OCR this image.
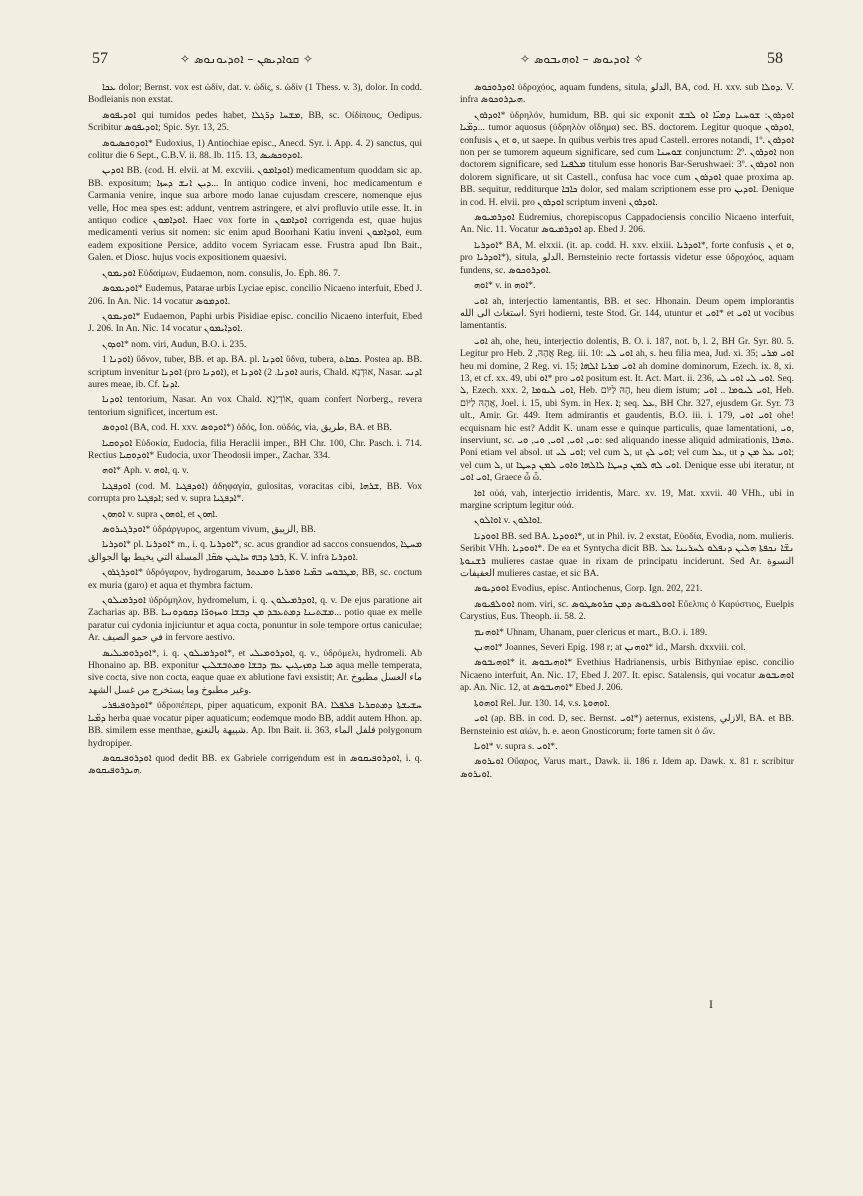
57	✧ ܩܘܐܕܝܣܢ – ܐܘܕܝܘܢܘܣ ✧	✧ ܐܘܕܝܘܣ – ܐܘܗܝܒܘܣ ✧	58

ܥܟܐ dolor; Bernst. vox est ὠδίν, dat. v. ὠδίς, s. ὠδίν (1 Thess. v. 3), dolor. In codd. Bodleianis non exstat.

ܐܘܕܝܦܘܣ qui tumidos pedes habet, ܡܫܚܐ ܕܪ̈ܓܠܐ, BB, sc. Οἰδίπους, Oedipus. Scribitur ܐܘܕܝܦܘܣ; Spic. Syr. 13, 25.

ܐܘܕܘܟܣܝܘܣ* Eudoxius, 1) Antiochiae episc., Anecd. Syr. i. App. 4. 2) sanctus, qui colitur die 6 Sept., C.B.V. ii. 88. Ib. 115. 13, ܐܘܕܘܟܣܝܣ.

ܐܘܕܝܢ BB. (cod. H. elvii. at M. excviii. ܐܘܕܐܡܘܢ) medicamentum quoddam sic ap. BB. expositum; ܕܝܢ ܐܢܫ ܕܚܙܐ... In antiquo codice inveni, hoc medicamentum e Carmania venire, inque sua arbore modo lanae cujusdam crescere, nomenque ejus velle, Hoc mea spes est: addunt, ventrem astringere, et alvi profluvio utile esse. It. in antiquo codice ܐܘܕܐܡܘܢ. Haec vox forte in ܐܘܕܐܡܘܢ corrigenda est, quae hujus medicamenti verius sit nomen: sic enim apud Boorhani Katiu inveni ܐܘܕܐܡܘܢ, eum eadem expositione Persice, addito vocem Syriacam esse. Frustra apud Ibn Bait., Galen. et Diosc. hujus vocis expositionem quaesivi.

ܐܘܕܝܡܘܢ Εὐδαίμων, Eudaemon, nom. consulis, Jo. Eph. 86. 7.

ܐܘܕܝܡܘܣ* Eudemus, Patarae urbis Lyciae episc. concilio Nicaeno interfuit, Ebed J. 206. In An. Nic. 14 vocatur ܐܘܕܡܘܣ.

ܐܘܕܝܡܘܢ* Eudaemon, Paphi urbis Pisidiae episc. concilio Nicaeno interfuit, Ebed J. 206. In An. Nic. 14 vocatur ܐܘܕܐܝܡܘܢ.

ܐܘܕܘܢ* nom. viri, Audun, B.O. i. 235.

ܐܘܕܢܐ 1) ὕδνον, tuber, BB. et ap. BA. pl. ܐܘܕܢܐ ὕδνα, tubera, ܟܡܐܬ. Postea ap. BB. scriptum invenitur ܐܘܕܢܐ (pro ܐܘܕܢܐ), et ܐܘܕܢܐ. 2) ܐܘܕܢܐ auris, Chald. אוּדְנָא, Nasar. ܐܕܢܝ aures meae, ib. Cf. ܐܕܢܐ.

ܐܘܕܢܐ tentorium, Nasar. An vox Chald. אוֹדְיָנָא, quam confert Norberg., revera tentorium significet, incertum est.

ܐܘܕܘܣ (BA, cod. H. xxv. ܐܘܕܘܣ*) ὁδός, Ion. οὐδός, via, طريق, BA. et BB.

ܐܘܕܘܩܝܐ Εὐδοκία, Eudocia, filia Heraclii imper., BH Chr. 100, Chr. Pasch. i. 714. Rectius ܐܘܕܘܩܝܐ* Eudocia, uxor Theodosii imper., Zachar. 334.

ܐܘܗ* Aph. v. ܐܘܗ, q. v.

ܐܘܕܦܓܝܐ (cod. M. ܐܘܕܦܓܝܐ) ἀδηφαγία, gulositas, voracitas cibi, ܫܪܗܐ, BB. Vox corrupta pro ܐܕܦܓܝܐ; sed v. supra ܐܕܦܓܝܐ*.

ܐܘܗܘܢ v. supra ܐܘܗܘܢ, et ܐܗܘܢ.

ܐܘܕܪܓܝܪܘܣ* ὑδράργυρος, argentum vivum, الزيبق, BB.

ܐܘܕܪܝܐ* pl. ܐܘܕܪܝܐ* m., i. q. ܐܘܕܪܝܐ*, sc. acus grandior ad saccos consuendos, ܡܚܛܐ ܪܒܬܐ ܕܒܗ ܚܐܛܝܢ ܣܩ̈ܐ, المسلة التي يخيط بها الجوالق, K. V. infra ܐܘܕܪܝܐ.

ܐܘܕܪܓܪܘܢ* ὑδρόγαρον, hydrogarum, ܡܛܒܘܚ ܒܡ̈ܝܐ ܘܡܪܝܐ ܘܡܥܬܪ, BB, sc. coctum ex muria (garo) et aqua et thymbra factum.

ܐܘܕܪܡܝܠܘܢ ὑδρόμηλον, hydromelum, i. q. ܐܘܕܪܡܝܠܘܢ, q. v. De ejus paratione ait Zacharias ap. BB. ܡܫܬܝܢܐ ܕܡܬܥܒܕ ܡܢ ܕܒܫܐ ܘܚܙܘܪ̈ܐ ܕܩܘܕܘܢܝܐ... potio quae ex melle paratur cui cydonia injiciuntur et aqua cocta, ponuntur in sole tempore ortus caniculae; Ar. في حمو الصيف in fervore aestivo.

ܐܘܕܪܘܡܝܠܝܣ*, i. q. ܐܘܕܪܡܝܠܘܢ*, et ܐܘܕܪܘܡܝܠܝ, q. v., ὑδρόμελι, hydromeli. Ab Hhonaino ap. BB. exponitur ܡܝܐ ܕܡܙܝܓܝܢ ܥܡ ܕܒܫܐ ܘܡܬܒܫܠܝܢ aqua melle temperata, sive cocta, sive non cocta, eaque quae ex ablutione favi exsistit; Ar. ماء العسل مطبوخ وغير مطبوخ وما يستخرج من غسل الشهد.

ܐܘܕܪܘܦܝܦܪܝ* ὑδροπέπερι, piper aquaticum, exponit BA. ܚܫܝܫܬܐ ܕܡܬܩܪܝܐ ܦܠܦܠܐ ܕܡ̈ܝܐ herba quae vocatur piper aquaticum; eodemque modo BB, addit autem Hhon. ap. BB. similem esse menthae, شبيهة بالنعنع. Ap. Ibn Bait. ii. 363, فلفل الماء polygonum hydropiper.

ܐܘܕܪܘܦܝܩܘܣ quod dedit BB. ex Gabriele corrigendum est in ܐܘܕܪܘܦܝܩܘܣ, i. q. ܗܝܕܪܘܦܝܩܘܣ.

ܐܘܕܪܘܟܘܣ ὑδροχόος, aquam fundens, situla, الدلو, BA, cod. H. xxv. sub ܕܘܠܐ. V. infra ܗܝܕܪܘܟܘܣ.

ܐܘܕܪܘܢ* ὑδρηλόν, humidum, BB. qui sic exponit ܐܘܕܪܘܢ: ܫܘܚܢܐ ܕܡܝ̈ܐ ܐܘ ܠܒܫ ܕܡ̈ܝܐ... tumor aquosus (ὑδρηλὸν οἴδημα) sec. BS. doctorem. Legitur quoque ܐܘܕܪܘܢ, confusis ܢ et ܘ, ut saepe. In quibus verbis tres apud Castell. errores notandi, 1º. ܐܘܕܪܘܢ non per se tumorem aqueum significare, sed cum ܫܘܚܢܐ conjunctum: 2º. ܐܘܕܪܘܢ non doctorem significare, sed ܡܠܦܢܐ titulum esse honoris Bar-Serushwaei: 3º. ܐܘܕܪܘܢ non dolorem significare, ut sit Castell., confusa hac voce cum ܐܘܕܪܘܢ quae proxima ap. BB. sequitur, redditurque ܟܐܒܐ dolor, sed malam scriptionem esse pro ܐܘܕܝܢ. Denique in cod. H. elvii. pro ܐܘܕܪܘܢ scriptum inveni ܐܘܕܪܘܢ.

ܐܘܕܪܡܝܘܣ Eudremius, chorepiscopus Cappadociensis concilio Nicaeno interfuit, An. Nic. 11. Vocatur ܐܘܕܪܡܝܘܣ ap. Ebed J. 206.

ܐܘܕܪܝܐ* BA, M. elxxii. (it. ap. codd. H. xxv. elxiii. ܐܘܕܪܝܐ*, forte confusis ܢ et ܘ, pro ܐܘܕܪܝܐ*), situla, الدلو. Bernsteinio recte fortassis videtur esse ὑδροχόος, aquam fundens, sc. ܐܘܕܪܘܟܘܣ.

ܐܘܗ* v. in ܐܘܗ*.

ܐܘܝ ah, interjectio lamentantis, BB. et sec. Hhonain. Deum opem implorantis استغاث الى الله. Syri hodierni, teste Stod. Gr. 144, utuntur et ܐܘܝ* et ܐܘܝ ut vocibus lamentantis.

ܐܘܝ ah, ohe, heu, interjectio dolentis, B. O. i. 187, not. b, l. 2, BH Gr. Syr. 80. 5. Legitur pro Heb. אֲהָהּ, 2 Reg. iii. 10: ܐܘܝ ܠܝ ah, s. heu filia mea, Jud. xi. 35; ܐܘܝ ܡܪܝ heu mi domine, 2 Reg. vi. 15; ܐܘܝ ܡܪܝܐ ܐܠܗܐ ah domine dominorum, Ezech. ix. 8, xi. 13, et cf. xx. 49, ubi ܐܘ* pro ܐܘܝ positum est. It. Act. Mart. ii. 236, ܐܘܝ ܠܝ ܐܘܝ ܠܝ. Seq. ܠ, Ezech. xxx. 2, ܐܘܝ ܠܝܘܡܐ, Heb. הָהּ לַיּוֹם, heu diem istum; ܐܘܝ ܠܝܘܡܐ .. ܐܘܝ, Heb. אֲהָהּ לַיּוֹם, Joel. i. 15, ubi Sym. in Hex. ܐ; seq. ܥܠ, BH Chr. 327, ejusdem Gr. Syr. 73 ult., Amir. Gr. 449. Item admirantis et gaudentis, B.O. iii. i. 179, ܐܘܝ ܐܘܝ ohe! ecquisnam hic est? Addit K. unam esse e quinque particulis, quae lamentationi, ܘܝ, inserviunt, sc. ܘܝ, ܐܘܝ, ܐܘܝ, ܘܝ, ܘܝ: sed aliquando inesse aliquid admirationis, ܬܗܪܐ. Poni etiam vel absol. ut ܐܘܝ ܠܝ; vel cum ܠ, ut ܐܘܝ ܠܟ; vel cum ܥܠ, ut ܐܘܝ ܥܠ ܡܢ ܕ; vel cum ܠ, ut ܐܘܝ ܠܗ ܠܡܢ ܕܚܛܐ ܠܐܠܗܐ ܘܐܘܝ ܠܡܢ ܕܚܛܐ. Denique esse ubi iteratur, nt ܐܘܝ ܐܘܝ, Graece ὦ ὦ.

ܐܘܐ οὐά, vah, interjectio irridentis, Marc. xv. 19, Mat. xxvii. 40 VHh., ubi in margine scriptum legitur οὐά.

ܐܘܐܠܘܢ v. ܐܘܐܠܘܢ.

ܐܘܘܕܝܐ BB. sed BA. ܐܘܘܕܝܐ*, ut in Phil. iv. 2 exstat, Εὐοδία, Evodia, nom. mulieris. Seribit VHh. ܐܘܘܕܝܐ*. De ea et Syntycha dicit BB. ܢܫ̈ܐ ܢܟܦܬܐ ܗܠܝܢ ܕܢܦܠܘ ܠܚܪܝܢܐ ܥܠ ܪܫܢܘܬܐ mulieres castae quae in rixam de principatu inciderunt. Sed Ar. النسوة العفيفات mulieres castae, et sic BA.

ܐܘܘܕܝܘܣ Evodius, episc. Antiochenus, Corp. Ign. 202, 221.

ܐܘܘܠܦܝܘܣ nom. viri, sc. ܐܘܘܠܦܝܘܣ ܕܡܢ ܩܪܘܣܛܘܣ Εὔελπις ὁ Καρύστιος, Euelpis Carystius, Eus. Theoph. ii. 58. 2.

ܐܘܗܢܡ* Uhnam, Uhanam, puer clericus et mart., B.O. i. 189.

ܐܘܗܢܢ* Joannes, Severi Epig. 198 r; at ܐܘܗܢܢ* id., Marsh. dxxviii. col.

ܐܘܗܝܒܘܣ* it. ܐܘܗܝܒܘܣ* Evethius Hadrianensis, urbis Bithyniae episc. concilio Nicaeno interfuit, An. Nic. 17, Ebed J. 207. It. episc. Satalensis, qui vocatur ܐܘܗܝܒܘܣ ap. An. Nic. 12, at ܐܘܗܝܒܘܣ* Ebed J. 206.

ܐܘܗܘܬܐ Rel. Jur. 130. 14, v.s. ܐܘܗܘܬܐ.

ܐܘܝ (ap. BB. in cod. D, sec. Bernst. ܐܘܝ*) aeternus, existens, الازلي, BA. et BB. Bernsteinio est αἰών, h. e. aeon Gnosticorum; forte tamen sit ὁ ὤν.

ܐܘܝܐ* v. supra s. ܐܘܝ*.

ܐܘܝܪܘܣ Οὔαρος, Varus mart., Dawk. ii. 186 r. Idem ap. Dawk. x. 81 r. scribitur ܐܘܝܪܘܣ.

I
